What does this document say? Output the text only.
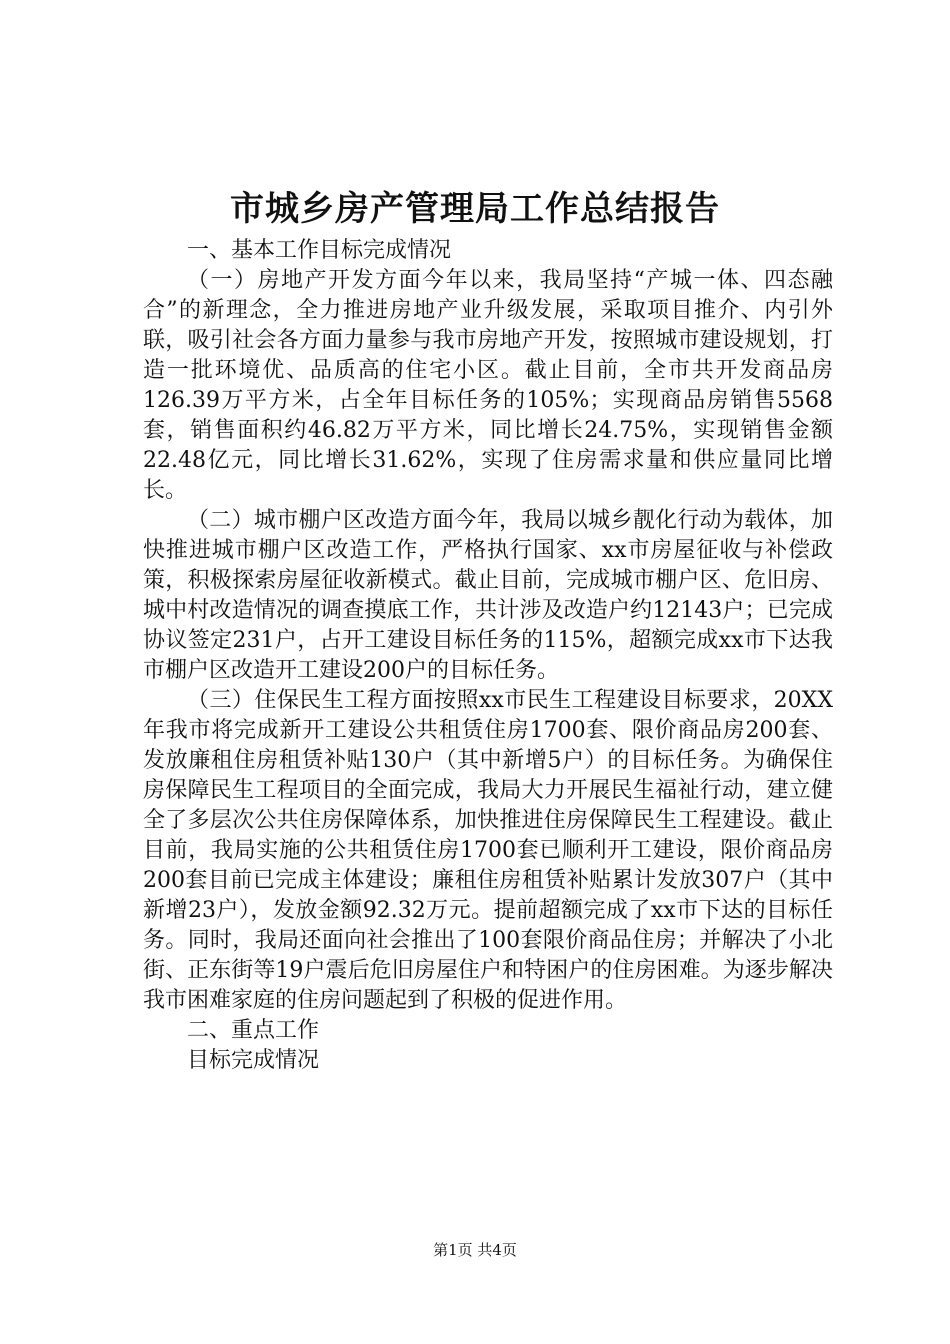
市城乡房产管理局工作总结报告

一、基本工作目标完成情况

（一）房地产开发方面今年以来，我局坚持“产城一体、四态融合”的新理念，全力推进房地产业升级发展，采取项目推介、内引外联，吸引社会各方面力量参与我市房地产开发，按照城市建设规划，打造一批环境优、品质高的住宅小区。截止目前，全市共开发商品房126.39万平方米，占全年目标任务的105%；实现商品房销售5568套，销售面积约46.82万平方米，同比增长24.75%，实现销售金额22.48亿元，同比增长31.62%，实现了住房需求量和供应量同比增长。

（二）城市棚户区改造方面今年，我局以城乡靓化行动为载体，加快推进城市棚户区改造工作，严格执行国家、xx市房屋征收与补偿政策，积极探索房屋征收新模式。截止目前，完成城市棚户区、危旧房、城中村改造情况的调查摸底工作，共计涉及改造户约12143户；已完成协议签定231户，占开工建设目标任务的115%，超额完成xx市下达我市棚户区改造开工建设200户的目标任务。

（三）住保民生工程方面按照xx市民生工程建设目标要求，20XX年我市将完成新开工建设公共租赁住房1700套、限价商品房200套、发放廉租住房租赁补贴130户（其中新增5户）的目标任务。为确保住房保障民生工程项目的全面完成，我局大力开展民生福祉行动，建立健全了多层次公共住房保障体系，加快推进住房保障民生工程建设。截止目前，我局实施的公共租赁住房1700套已顺利开工建设，限价商品房200套目前已完成主体建设；廉租住房租赁补贴累计发放307户（其中新增23户），发放金额92.32万元。提前超额完成了xx市下达的目标任务。同时，我局还面向社会推出了100套限价商品住房；并解决了小北街、正东街等19户震后危旧房屋住户和特困户的住房困难。为逐步解决我市困难家庭的住房问题起到了积极的促进作用。

二、重点工作

目标完成情况

第1页 共4页
